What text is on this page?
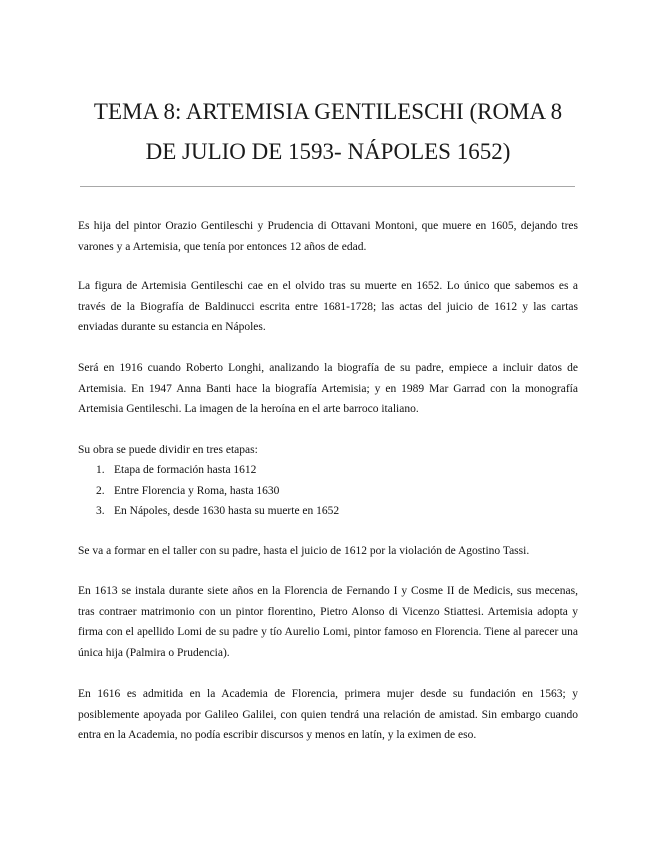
TEMA 8: ARTEMISIA GENTILESCHI (ROMA 8 DE JULIO DE 1593- NÁPOLES 1652)

Es hija del pintor Orazio Gentileschi y Prudencia di Ottavani Montoni, que muere en 1605, dejando tres varones y a Artemisia, que tenía por entonces 12 años de edad.

La figura de Artemisia Gentileschi cae en el olvido tras su muerte en 1652. Lo único que sabemos es a través de la Biografía de Baldinucci escrita entre 1681-1728; las actas del juicio de 1612 y las cartas enviadas durante su estancia en Nápoles.

Será en 1916 cuando Roberto Longhi, analizando la biografía de su padre, empiece a incluir datos de Artemisia. En 1947 Anna Banti hace la biografía Artemisia; y en 1989 Mar Garrad con la monografía Artemisia Gentileschi. La imagen de la heroína en el arte barroco italiano.

Su obra se puede dividir en tres etapas:

1. Etapa de formación hasta 1612
2. Entre Florencia y Roma, hasta 1630
3. En Nápoles, desde 1630 hasta su muerte en 1652

Se va a formar en el taller con su padre, hasta el juicio de 1612 por la violación de Agostino Tassi.

En 1613 se instala durante siete años en la Florencia de Fernando I y Cosme II de Medicis, sus mecenas, tras contraer matrimonio con un pintor florentino, Pietro Alonso di Vicenzo Stiattesi. Artemisia adopta y firma con el apellido Lomi de su padre y tío Aurelio Lomi, pintor famoso en Florencia. Tiene al parecer una única hija (Palmira o Prudencia).

En 1616 es admitida en la Academia de Florencia, primera mujer desde su fundación en 1563; y posiblemente apoyada por Galileo Galilei, con quien tendrá una relación de amistad. Sin embargo cuando entra en la Academia, no podía escribir discursos y menos en latín, y la eximen de eso.
